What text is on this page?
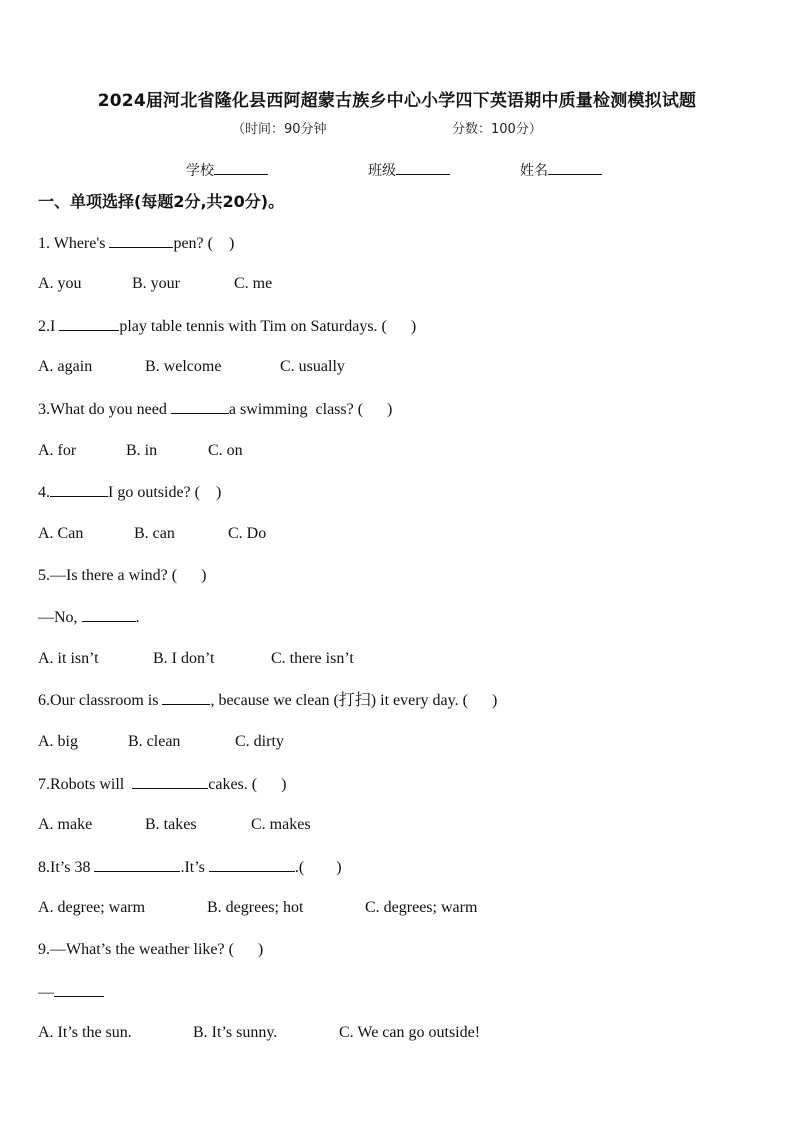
2024届河北省隆化县西阿超蒙古族乡中心小学四下英语期中质量检测模拟试题
（时间：90分钟	分数：100分）
学校	班级	姓名
一、单项选择(每题2分,共20分)。
1. Where's	pen? (    )
A. you	B. your	C. me
2.I	play table tennis with Tim on Saturdays. (      )
A. again	B. welcome	C. usually
3.What do you need	a swimming  class? (      )
A. for	B. in	C. on
4.	I go outside? (    )
A. Can	B. can	C. Do
5.—Is there a wind? (      )
—No,	.
A. it isn’t	B. I don’t	C. there isn’t
6.Our classroom is	, because we clean (打扫) it every day. (      )
A. big	B. clean	C. dirty
7.Robots will	cakes. (      )
A. make	B. takes	C. makes
8.It’s 38	.It’s	.(        )
A. degree; warm	B. degrees; hot	C. degrees; warm
9.—What’s the weather like? (      )
—
A. It’s the sun.	B. It’s sunny.	C. We can go outside!
